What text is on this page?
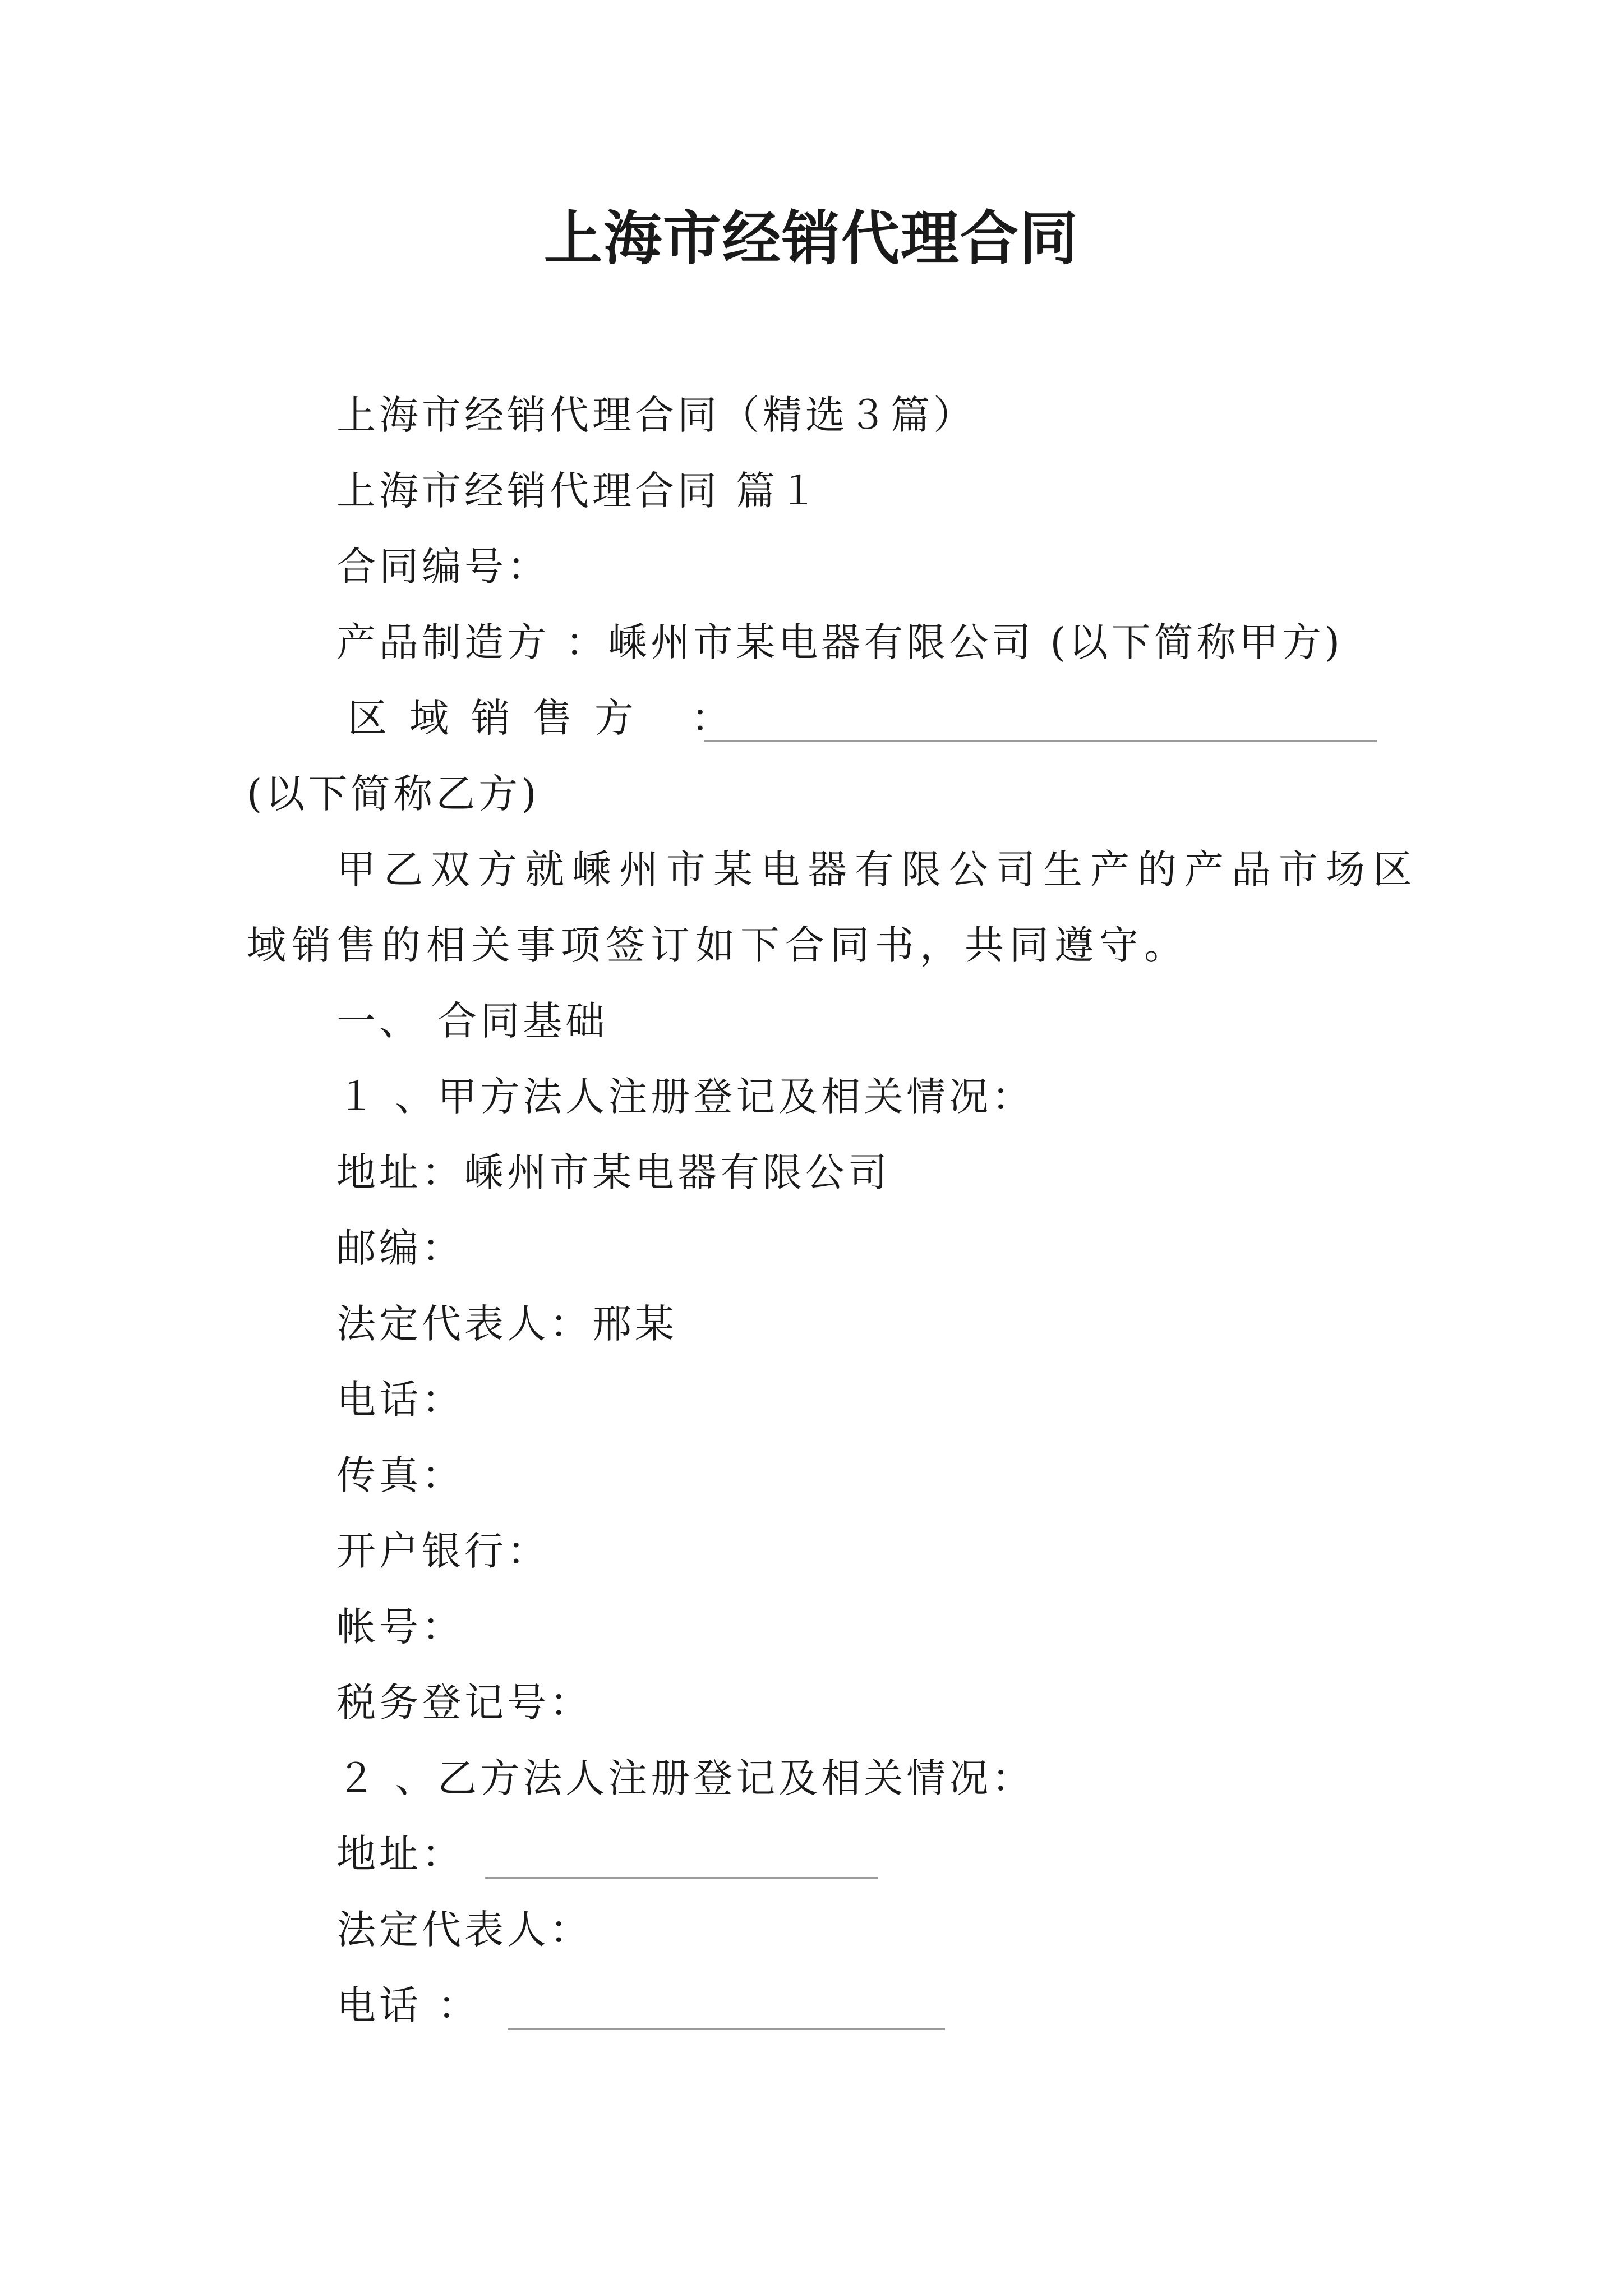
上海市经销代理合同
上海市经销代理合同（精选３篇）
上海市经销代理合同 篇１
合同编号：
产品制造方 ：嵊州市某电器有限公司 (以下简称甲方)
区域销售方 ：
(以下简称乙方)
甲乙双方就嵊州市某电器有限公司生产的产品市场区
域销售的相关事项签订如下合同书，共同遵守。
一、 合同基础
１ 、甲方法人注册登记及相关情况：
地址：嵊州市某电器有限公司
邮编：
法定代表人：邢某
电话：
传真：
开户银行：
帐号：
税务登记号：
２ 、乙方法人注册登记及相关情况：
地址：
法定代表人：
电话 ：
